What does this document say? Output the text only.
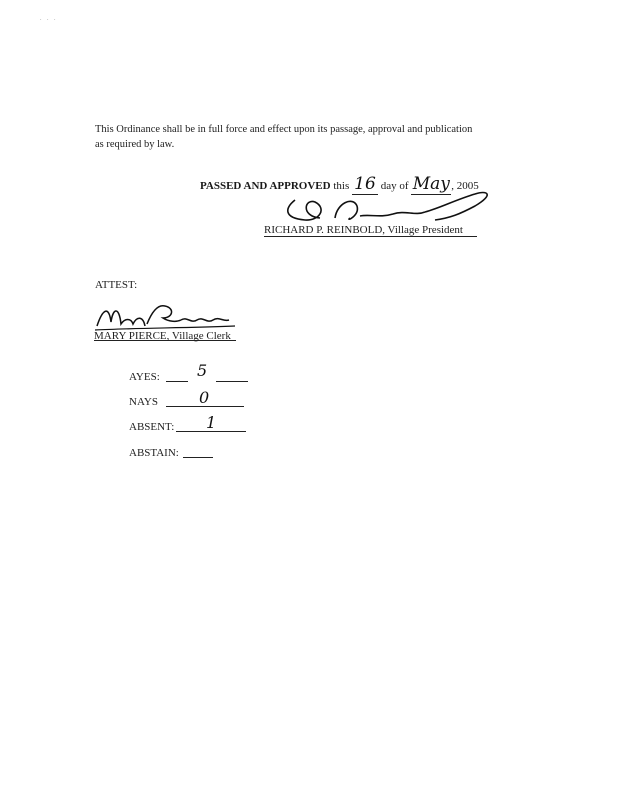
. . .
This Ordinance shall be in full force and effect upon its passage, approval and publication
as required by law.
PASSED AND APPROVED this 16 day of May, 2005
RICHARD P. REINBOLD, Village President
ATTEST:
MARY PIERCE, Village Clerk
AYES: 5
NAYS	0
ABSENT: 1
ABSTAIN:
